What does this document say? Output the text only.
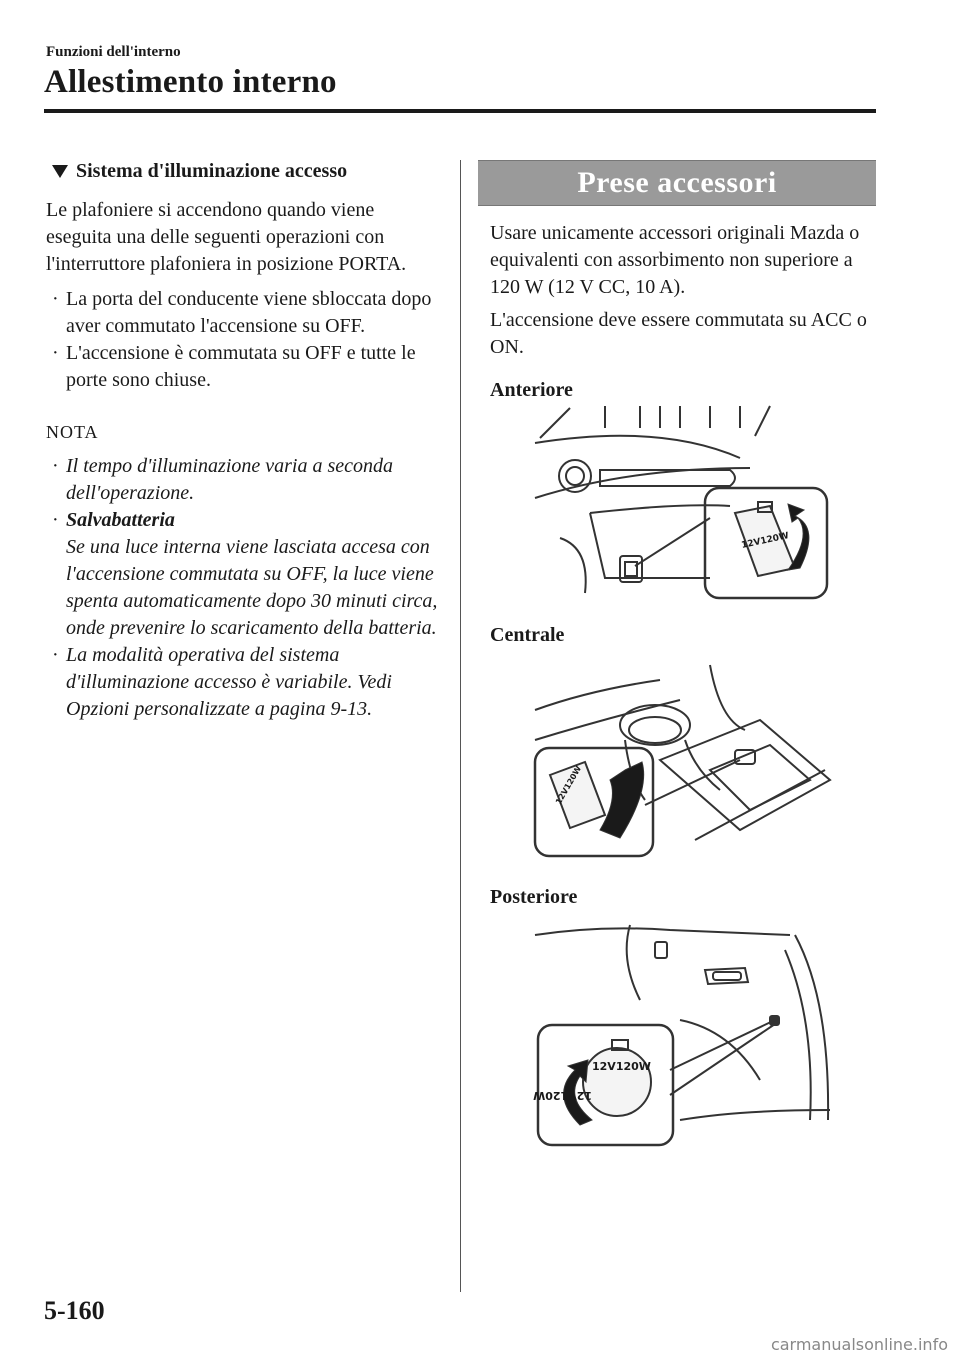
Funzioni dell'interno
Allestimento interno
Sistema d'illuminazione accesso

Le plafoniere si accendono quando viene eseguita una delle seguenti operazioni con l'interruttore plafoniera in posizione PORTA.

· La porta del conducente viene sbloccata dopo aver commutato l'accensione su OFF.
· L'accensione è commutata su OFF e tutte le porte sono chiuse.
NOTA
· Il tempo d'illuminazione varia a seconda dell'operazione.
· Salvabatteria
Se una luce interna viene lasciata accesa con l'accensione commutata su OFF, la luce viene spenta automaticamente dopo 30 minuti circa, onde prevenire lo scaricamento della batteria.
· La modalità operativa del sistema d'illuminazione accesso è variabile. Vedi Opzioni personalizzate a pagina 9-13.
Prese accessori

Usare unicamente accessori originali Mazda o equivalenti con assorbimento non superiore a 120 W (12 V CC, 10 A).

L'accensione deve essere commutata su ACC o ON.

Anteriore
12V120W
Centrale
12V120W
Posteriore
12V120W
12V120W
5-160
carmanualsonline.info
